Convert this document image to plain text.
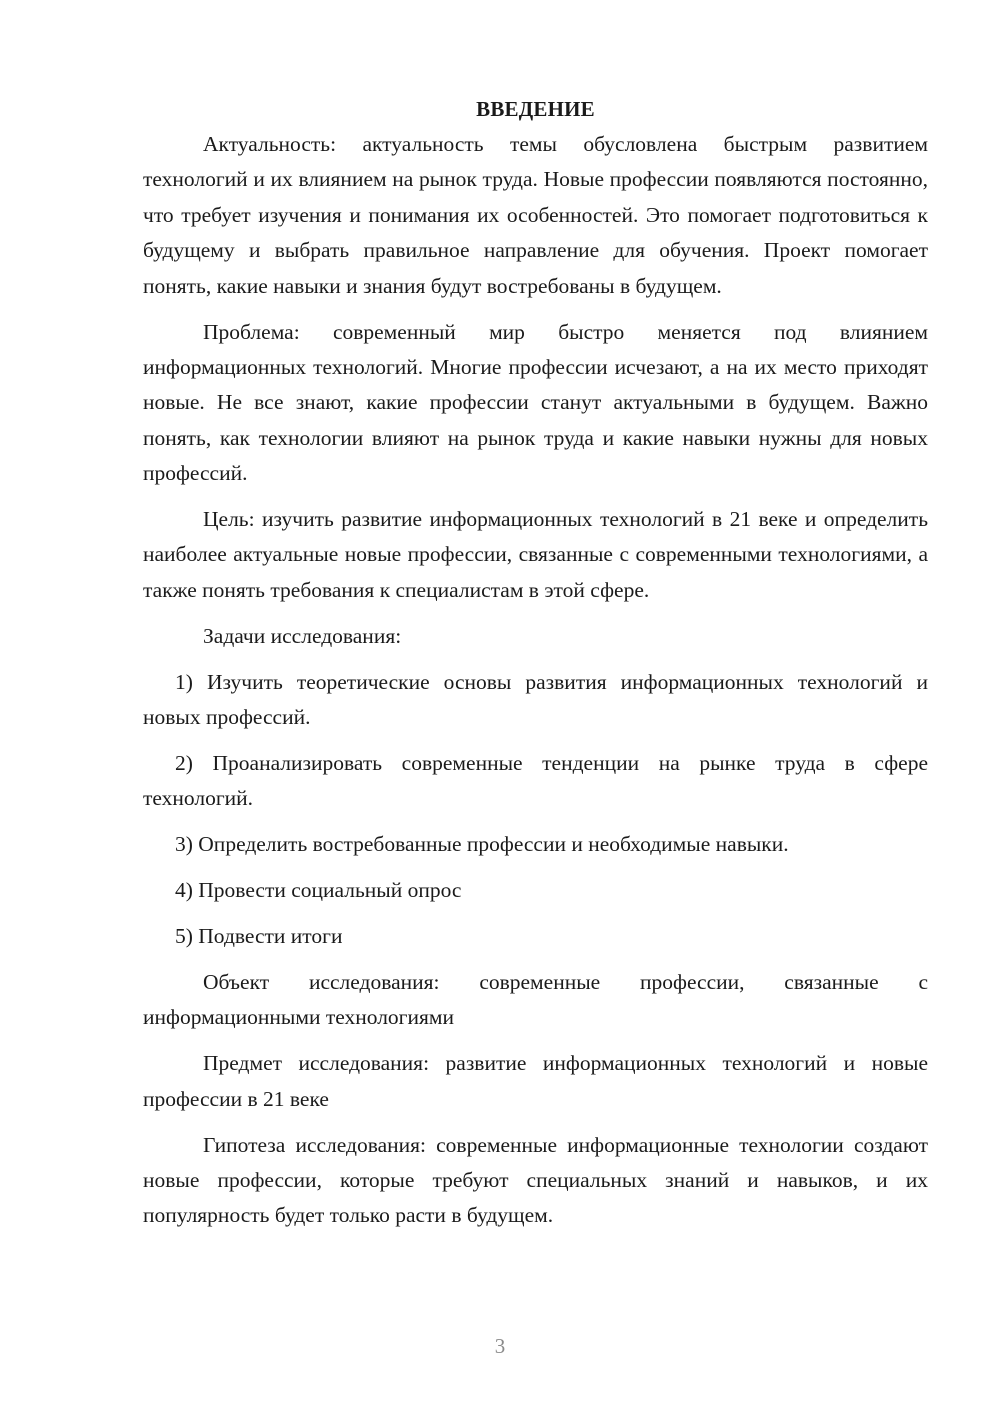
ВВЕДЕНИЕ

Актуальность: актуальность темы обусловлена быстрым развитием технологий и их влиянием на рынок труда. Новые профессии появляются постоянно, что требует изучения и понимания их особенностей. Это помогает подготовиться к будущему и выбрать правильное направление для обучения. Проект помогает понять, какие навыки и знания будут востребованы в будущем.

Проблема: современный мир быстро меняется под влиянием информационных технологий. Многие профессии исчезают, а на их место приходят новые. Не все знают, какие профессии станут актуальными в будущем. Важно понять, как технологии влияют на рынок труда и какие навыки нужны для новых профессий.

Цель: изучить развитие информационных технологий в 21 веке и определить наиболее актуальные новые профессии, связанные с современными технологиями, а также понять требования к специалистам в этой сфере.

Задачи исследования:

1) Изучить теоретические основы развития информационных технологий и новых профессий.

2) Проанализировать современные тенденции на рынке труда в сфере технологий.

3) Определить востребованные профессии и необходимые навыки.

4) Провести социальный опрос

5) Подвести итоги

Объект исследования: современные профессии, связанные с информационными технологиями

Предмет исследования: развитие информационных технологий и новые профессии в 21 веке

Гипотеза исследования: современные информационные технологии создают новые профессии, которые требуют специальных знаний и навыков, и их популярность будет только расти в будущем.

3
